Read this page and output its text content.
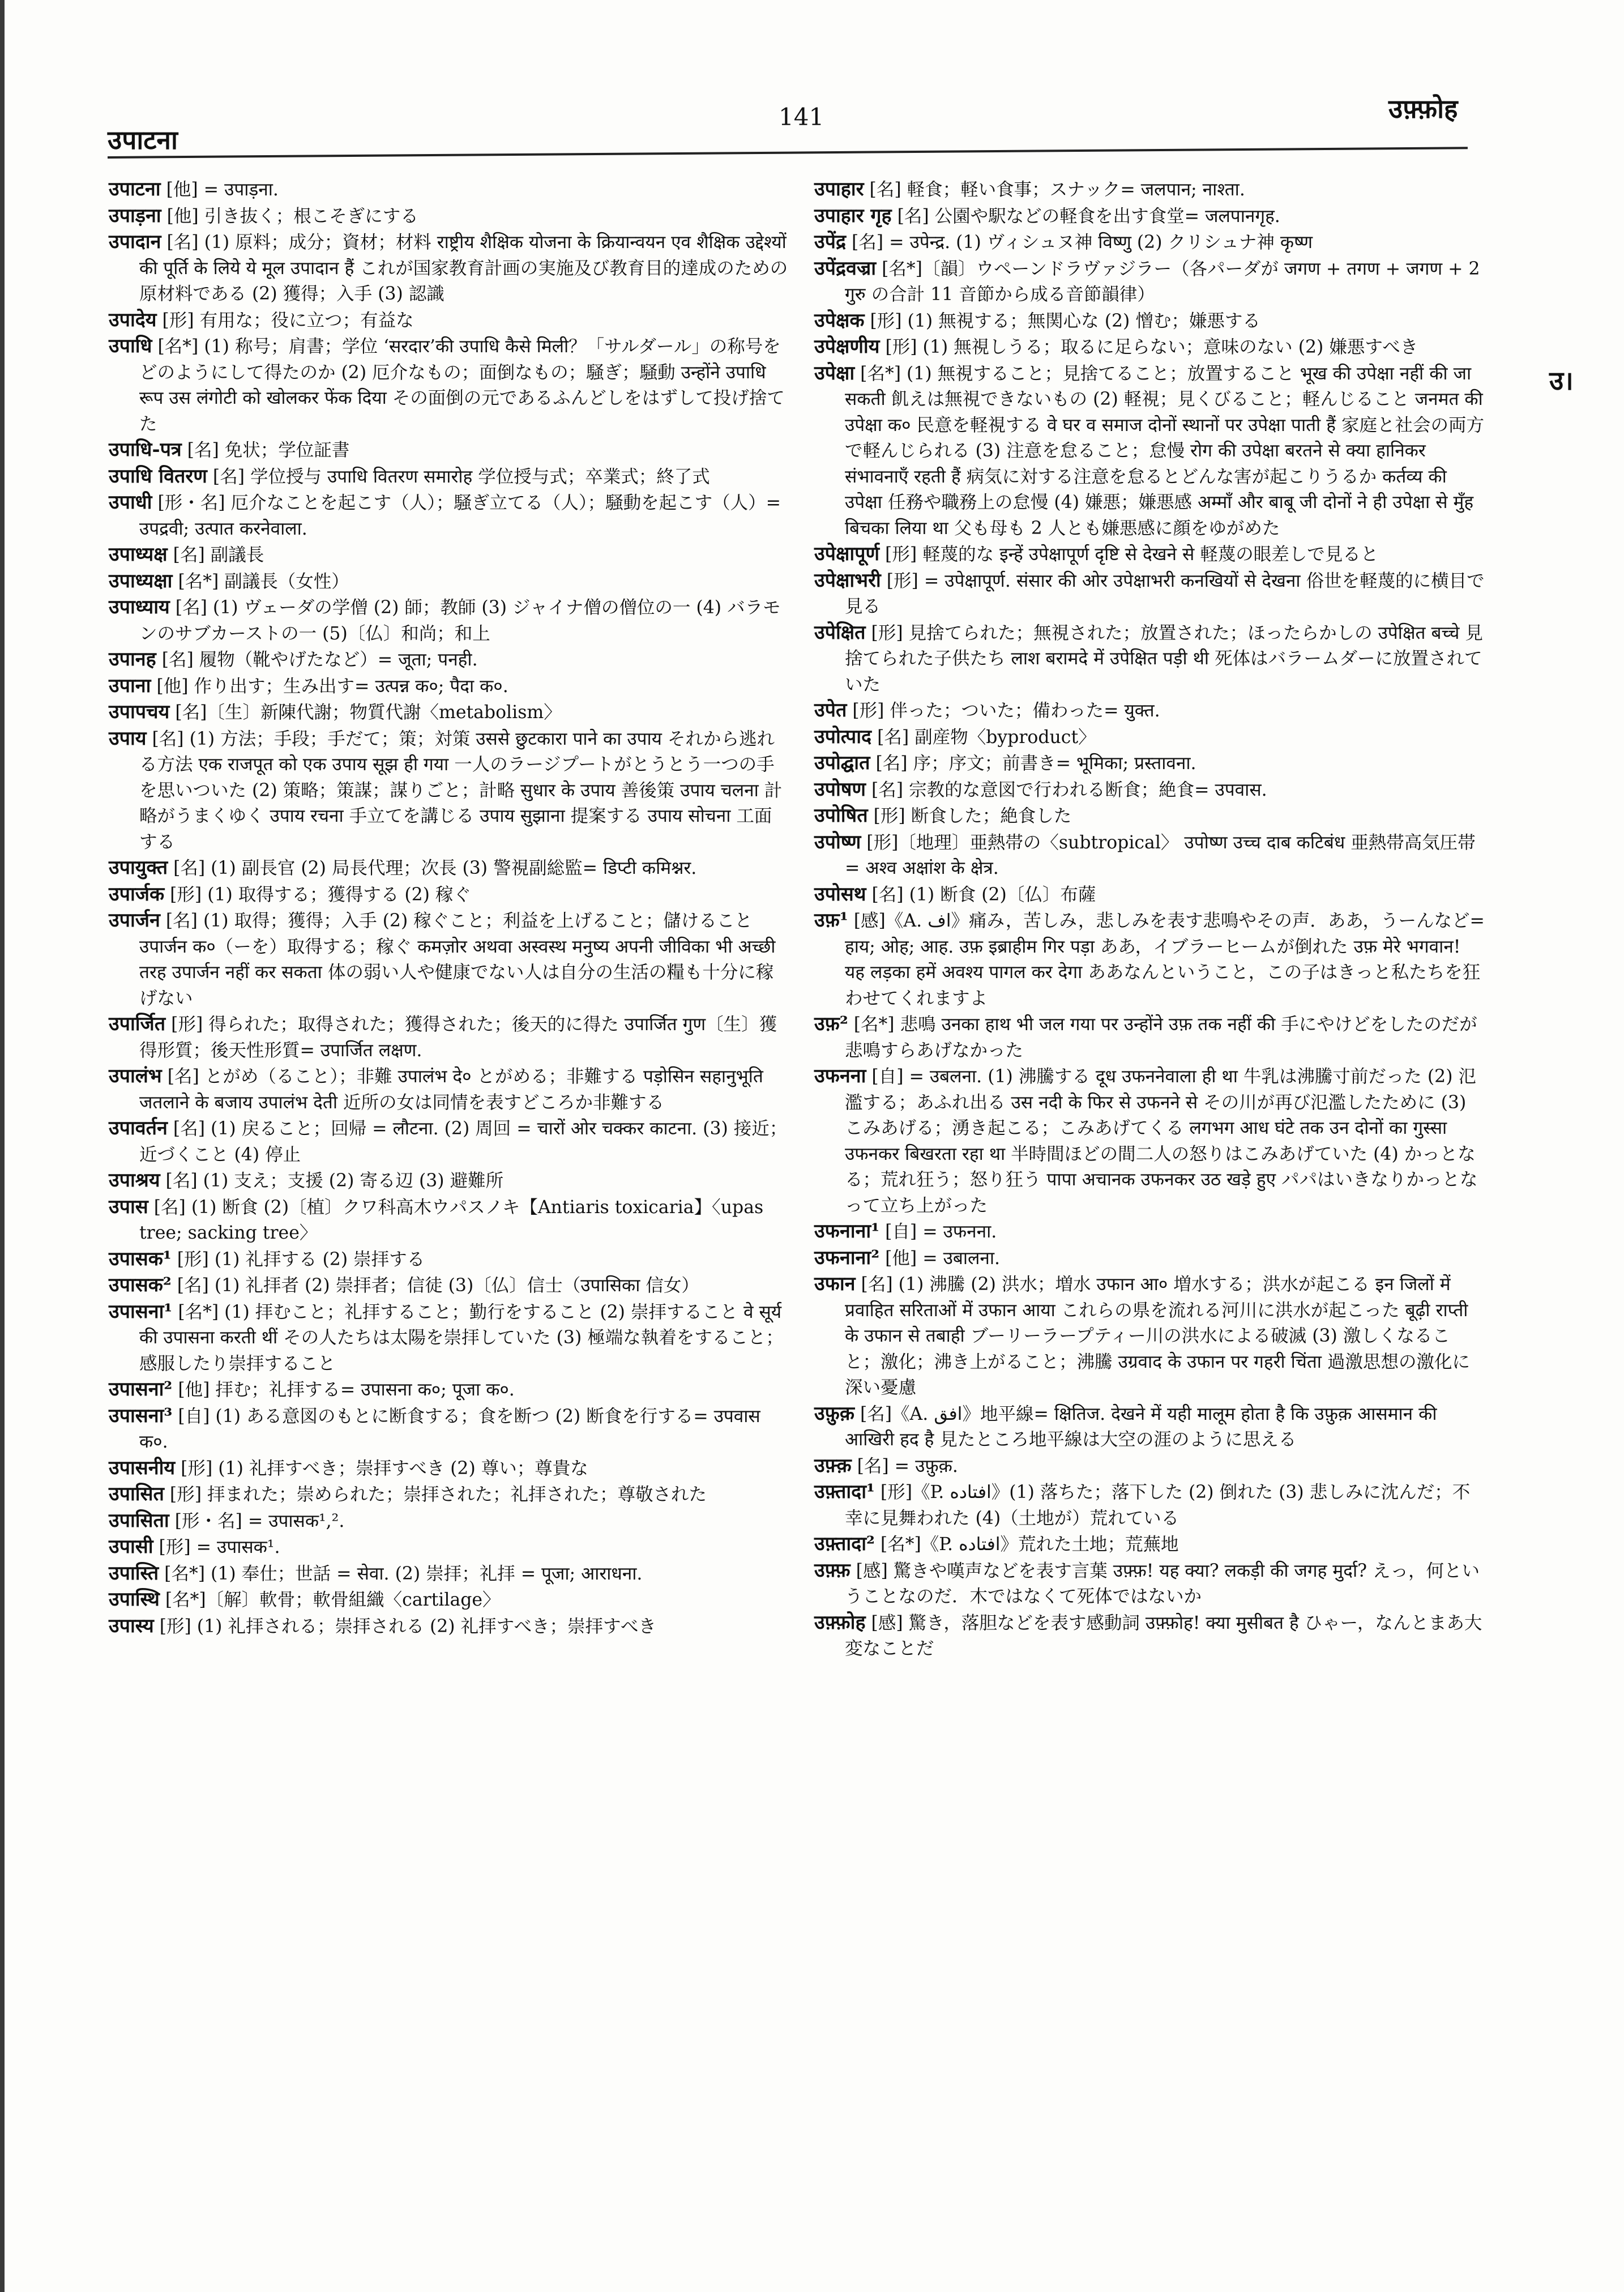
उपाटना
141	उफ़्फ़ोह
उ।

उपाटना [他] = उपाड़ना.

उपाड़ना [他] 引き抜く；根こそぎにする

उपादान [名] (1) 原料；成分；資材；材料 राष्ट्रीय शैक्षिक योजना के क्रियान्वयन एव शैक्षिक उद्देश्यों की पूर्ति के लिये ये मूल उपादान हैं これが国家教育計画の実施及び教育目的達成のための原材料である (2) 獲得；入手 (3) 認識

उपादेय [形] 有用な；役に立つ；有益な

उपाधि [名*] (1) 称号；肩書；学位 ‘सरदार’की उपाधि कैसे मिली？「サルダール」の称号をどのようにして得たのか (2) 厄介なもの；面倒なもの；騒ぎ；騒動 उन्होंने उपाधि रूप उस लंगोटी को खोलकर फेंक दिया その面倒の元であるふんどしをはずして投げ捨てた

उपाधि-पत्र [名] 免状；学位証書

उपाधि वितरण [名] 学位授与 उपाधि वितरण समारोह 学位授与式；卒業式；終了式

उपाधी [形・名] 厄介なことを起こす（人）；騒ぎ立てる（人）；騒動を起こす（人）= उपद्रवी; उत्पात करनेवाला.

उपाध्यक्ष [名] 副議長

उपाध्यक्षा [名*] 副議長（女性）

उपाध्याय [名] (1) ヴェーダの学僧 (2) 師；教師 (3) ジャイナ僧の僧位の一 (4) バラモンのサブカーストの一 (5)〔仏〕和尚；和上

उपानह [名] 履物（靴やげたなど）= जूता; पनही.

उपाना [他] 作り出す；生み出す= उत्पन्न क०; पैदा क०.

उपापचय [名]〔生〕新陳代謝；物質代謝〈metabolism〉

उपाय [名] (1) 方法；手段；手だて；策；対策 उससे छुटकारा पाने का उपाय それから逃れる方法 एक राजपूत को एक उपाय सूझ ही गया 一人のラージプートがとうとう一つの手を思いついた (2) 策略；策謀；謀りごと；計略 सुधार के उपाय 善後策 उपाय चलना 計略がうまくゆく उपाय रचना 手立てを講じる उपाय सुझाना 提案する उपाय सोचना 工面する

उपायुक्त [名] (1) 副長官 (2) 局長代理；次長 (3) 警視副総監= डिप्टी कमिश्नर.

उपार्जक [形] (1) 取得する；獲得する (2) 稼ぐ

उपार्जन [名] (1) 取得；獲得；入手 (2) 稼ぐこと；利益を上げること；儲けること उपार्जन क०（ーを）取得する；稼ぐ कमज़ोर अथवा अस्वस्थ मनुष्य अपनी जीविका भी अच्छी तरह उपार्जन नहीं कर सकता 体の弱い人や健康でない人は自分の生活の糧も十分に稼げない

उपार्जित [形] 得られた；取得された；獲得された；後天的に得た उपार्जित गुण〔生〕獲得形質；後天性形質= उपार्जित लक्षण.

उपालंभ [名] とがめ（ること）；非難 उपालंभ दे० とがめる；非難する पड़ोसिन सहानुभूति जतलाने के बजाय उपालंभ देती 近所の女は同情を表すどころか非難する

उपावर्तन [名] (1) 戻ること；回帰 = लौटना. (2) 周回 = चारों ओर चक्कर काटना. (3) 接近；近づくこと (4) 停止

उपाश्रय [名] (1) 支え；支援 (2) 寄る辺 (3) 避難所

उपास [名] (1) 断食 (2)〔植〕クワ科高木ウパスノキ【Antiaris toxicaria】〈upas tree; sacking tree〉

उपासक¹ [形] (1) 礼拝する (2) 崇拝する

उपासक² [名] (1) 礼拝者 (2) 崇拝者；信徒 (3)〔仏〕信士（उपासिका 信女）

उपासना¹ [名*] (1) 拝むこと；礼拝すること；勤行をすること (2) 崇拝すること वे सूर्य की उपासना करती थीं その人たちは太陽を崇拝していた (3) 極端な執着をすること；感服したり崇拝すること

उपासना² [他] 拝む；礼拝する= उपासना क०; पूजा क०.

उपासना³ [自] (1) ある意図のもとに断食する；食を断つ (2) 断食を行する= उपवास क०.

उपासनीय [形] (1) 礼拝すべき；崇拝すべき (2) 尊い；尊貴な

उपासित [形] 拝まれた；崇められた；崇拝された；礼拝された；尊敬された

उपासिता [形・名] = उपासक¹,².

उपासी [形] = उपासक¹.

उपास्ति [名*] (1) 奉仕；世話 = सेवा. (2) 崇拝；礼拝 = पूजा; आराधना.

उपास्थि [名*]〔解〕軟骨；軟骨組織〈cartilage〉

उपास्य [形] (1) 礼拝される；崇拝される (2) 礼拝すべき；崇拝すべき

उपाहार [名] 軽食；軽い食事；スナック= जलपान; नाश्ता.

उपाहार गृह [名] 公園や駅などの軽食を出す食堂= जलपानगृह.

उपेंद्र [名] = उपेन्द्र. (1) ヴィシュヌ神 विष्णु (2) クリシュナ神 कृष्ण

उपेंद्रवज्रा [名*]〔韻〕ウペーンドラヴァジラー（各パーダが जगण + तगण + जगण + 2 गुरु の合計 11 音節から成る音節韻律）

उपेक्षक [形] (1) 無視する；無関心な (2) 憎む；嫌悪する

उपेक्षणीय [形] (1) 無視しうる；取るに足らない；意味のない (2) 嫌悪すべき

उपेक्षा [名*] (1) 無視すること；見捨てること；放置すること भूख की उपेक्षा नहीं की जा सकती 飢えは無視できないもの (2) 軽視；見くびること；軽んじること जनमत की उपेक्षा क० 民意を軽視する वे घर व समाज दोनों स्थानों पर उपेक्षा पाती हैं 家庭と社会の両方で軽んじられる (3) 注意を怠ること；怠慢 रोग की उपेक्षा बरतने से क्या हानिकर संभावनाएँ रहती हैं 病気に対する注意を怠るとどんな害が起こりうるか कर्तव्य की उपेक्षा 任務や職務上の怠慢 (4) 嫌悪；嫌悪感 अम्माँ और बाबू जी दोनों ने ही उपेक्षा से मुँह बिचका लिया था 父も母も 2 人とも嫌悪感に顔をゆがめた

उपेक्षापूर्ण [形] 軽蔑的な इन्हें उपेक्षापूर्ण दृष्टि से देखने से 軽蔑の眼差しで見ると

उपेक्षाभरी [形] = उपेक्षापूर्ण. संसार की ओर उपेक्षाभरी कनखियों से देखना 俗世を軽蔑的に横目で見る

उपेक्षित [形] 見捨てられた；無視された；放置された；ほったらかしの उपेक्षित बच्चे 見捨てられた子供たち लाश बरामदे में उपेक्षित पड़ी थी 死体はバラームダーに放置されていた

उपेत [形] 伴った；ついた；備わった= युक्त.

उपोत्पाद [名] 副産物〈byproduct〉

उपोद्घात [名] 序；序文；前書き= भूमिका; प्रस्तावना.

उपोषण [名] 宗教的な意図で行われる断食；絶食= उपवास.

उपोषित [形] 断食した；絶食した

उपोष्ण [形]〔地理〕亜熱帯の〈subtropical〉 उपोष्ण उच्च दाब कटिबंध 亜熱帯高気圧帯= अश्व अक्षांश के क्षेत्र.

उपोसथ [名] (1) 断食 (2)〔仏〕布薩

उफ़¹ [感]《A. اف》痛み，苦しみ，悲しみを表す悲鳴やその声．ああ，うーんなど= हाय; ओह; आह. उफ़ इब्राहीम गिर पड़ा ああ，イブラーヒームが倒れた उफ़ मेरे भगवान! यह लड़का हमें अवश्य पागल कर देगा ああなんということ，この子はきっと私たちを狂わせてくれますよ

उफ़² [名*] 悲鳴 उनका हाथ भी जल गया पर उन्होंने उफ़ तक नहीं की 手にやけどをしたのだが悲鳴すらあげなかった

उफनना [自] = उबलना. (1) 沸騰する दूध उफननेवाला ही था 牛乳は沸騰寸前だった (2) 氾濫する；あふれ出る उस नदी के फिर से उफनने से その川が再び氾濫したために (3) こみあげる；湧き起こる；こみあげてくる लगभग आध घंटे तक उन दोनों का गुस्सा उफनकर बिखरता रहा था 半時間ほどの間二人の怒りはこみあげていた (4) かっとなる；荒れ狂う；怒り狂う पापा अचानक उफनकर उठ खड़े हुए パパはいきなりかっとなって立ち上がった

उफनाना¹ [自] = उफनना.

उफनाना² [他] = उबालना.

उफान [名] (1) 沸騰 (2) 洪水；増水 उफान आ० 増水する；洪水が起こる इन जिलों में प्रवाहित सरिताओं में उफान आया これらの県を流れる河川に洪水が起こった बूढ़ी राप्ती के उफान से तबाही ブーリーラープティー川の洪水による破滅 (3) 激しくなること；激化；沸き上がること；沸騰 उग्रवाद के उफान पर गहरी चिंता 過激思想の激化に深い憂慮

उफ़ुक़ [名]《A. افق》地平線= क्षितिज. देखने में यही मालूम होता है कि उफ़ुक़ आसमान की आखिरी हद है 見たところ地平線は大空の涯のように思える

उफ़्क़ [名] = उफ़ुक़.

उफ़्तादा¹ [形]《P. افتاده》(1) 落ちた；落下した (2) 倒れた (3) 悲しみに沈んだ；不幸に見舞われた (4)（土地が）荒れている

उफ़्तादा² [名*]《P. افتاده》荒れた土地；荒蕪地

उफ़्फ़ [感] 驚きや嘆声などを表す言葉 उफ़्फ़! यह क्या? लकड़ी की जगह मुर्दा? えっ，何ということなのだ．木ではなくて死体ではないか

उफ़्फ़ोह [感] 驚き，落胆などを表す感動詞 उफ़्फ़ोह! क्या मुसीबत है ひゃー，なんとまあ大変なことだ
